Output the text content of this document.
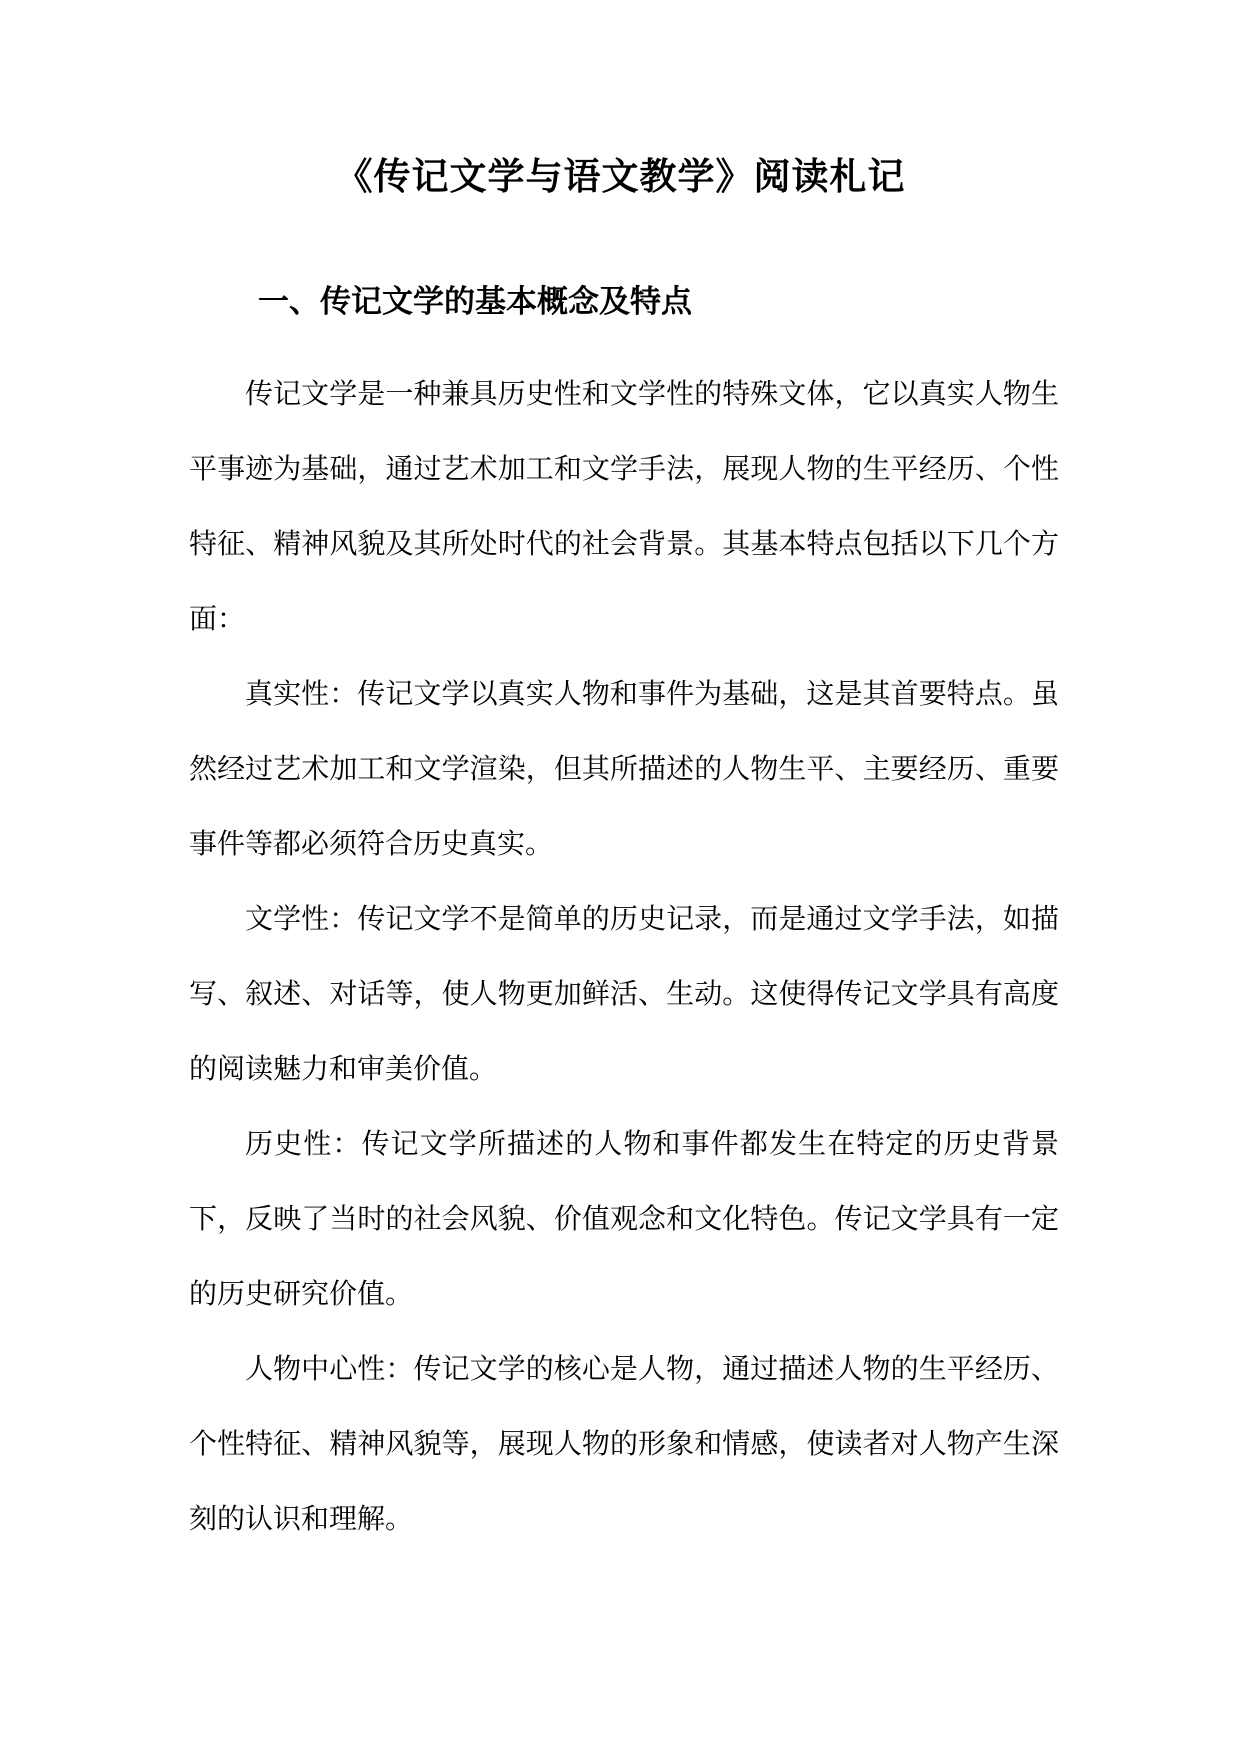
《传记文学与语文教学》阅读札记
一、传记文学的基本概念及特点

传记文学是一种兼具历史性和文学性的特殊文体，它以真实人物生平事迹为基础，通过艺术加工和文学手法，展现人物的生平经历、个性特征、精神风貌及其所处时代的社会背景。其基本特点包括以下几个方面：

真实性：传记文学以真实人物和事件为基础，这是其首要特点。虽然经过艺术加工和文学渲染，但其所描述的人物生平、主要经历、重要事件等都必须符合历史真实。

文学性：传记文学不是简单的历史记录，而是通过文学手法，如描写、叙述、对话等，使人物更加鲜活、生动。这使得传记文学具有高度的阅读魅力和审美价值。

历史性：传记文学所描述的人物和事件都发生在特定的历史背景下，反映了当时的社会风貌、价值观念和文化特色。传记文学具有一定的历史研究价值。

人物中心性：传记文学的核心是人物，通过描述人物的生平经历、个性特征、精神风貌等，展现人物的形象和情感，使读者对人物产生深刻的认识和理解。
